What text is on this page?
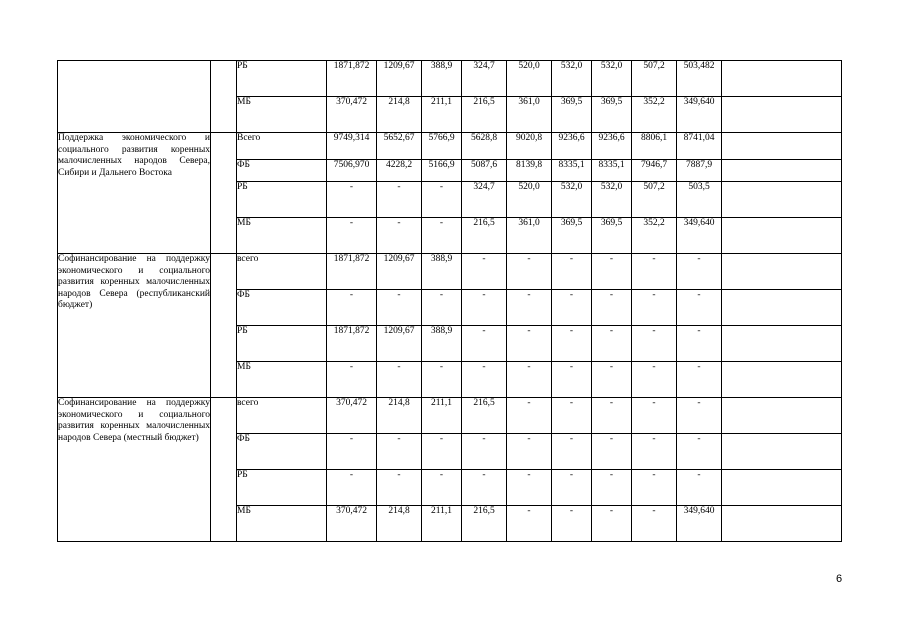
		РБ	1871,872	1209,67	388,9	324,7	520,0	532,0	532,0	507,2	503,482	
		МБ	370,472	214,8	211,1	216,5	361,0	369,5	369,5	352,2	349,640	
Поддержка экономического и социального развития коренных малочисленных народов Севера, Сибири и Дальнего Востока		Всего	9749,314	5652,67	5766,9	5628,8	9020,8	9236,6	9236,6	8806,1	8741,04	
		ФБ	7506,970	4228,2	5166,9	5087,6	8139,8	8335,1	8335,1	7946,7	7887,9	
		РБ	-	-	-	324,7	520,0	532,0	532,0	507,2	503,5	
		МБ	-	-	-	216,5	361,0	369,5	369,5	352,2	349,640	
Софинансирование на поддержку экономического и социального развития коренных малочисленных народов Севера (республиканский бюджет)		всего	1871,872	1209,67	388,9	-	-	-	-	-	-	
		ФБ	-	-	-	-	-	-	-	-	-	
		РБ	1871,872	1209,67	388,9	-	-	-	-	-	-	
		МБ	-	-	-	-	-	-	-	-	-	
Софинансирование на поддержку экономического и социального развития коренных малочисленных народов Севера (местный бюджет)		всего	370,472	214,8	211,1	216,5	-	-	-	-	-	
		ФБ	-	-	-	-	-	-	-	-	-	
		РБ	-	-	-	-	-	-	-	-	-	
		МБ	370,472	214,8	211,1	216,5	-	-	-	-	349,640	
6
